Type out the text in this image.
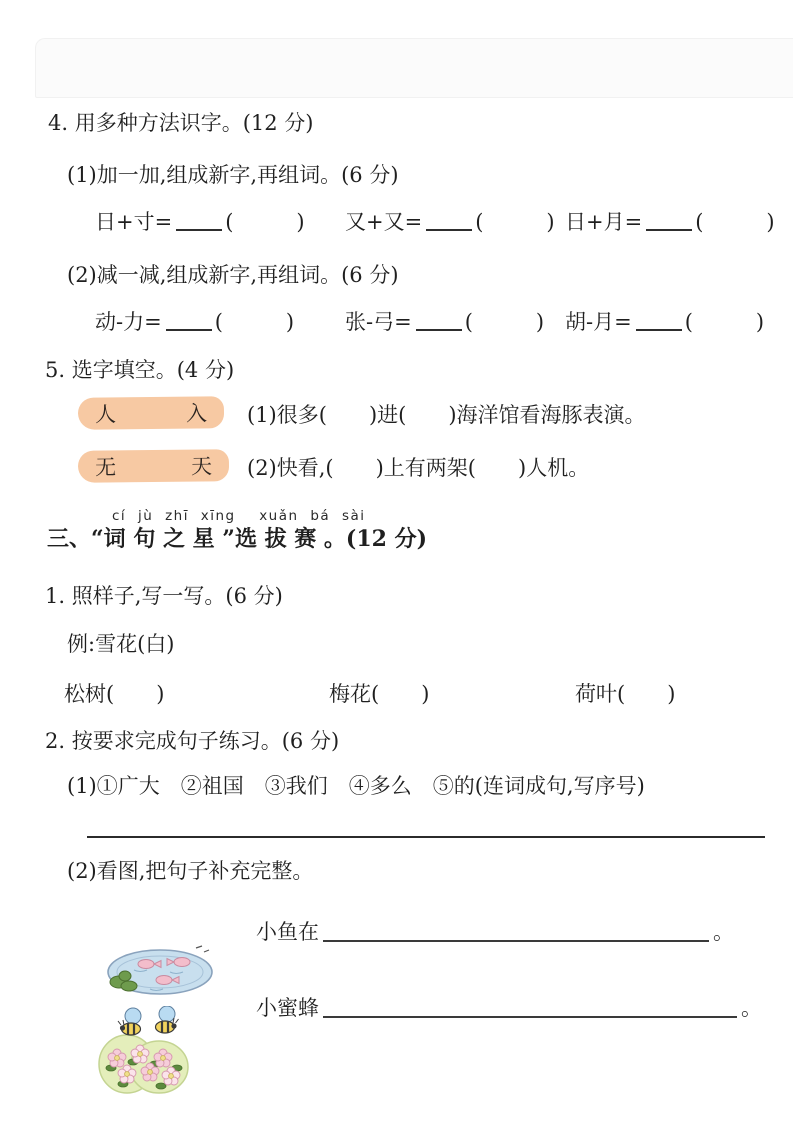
4. 用多种方法识字。(12 分)
(1)加一加,组成新字,再组词。(6 分)
日+寸=	(　　　) 又+又=	(　　　) 日+月=	(　　　)
(2)减一减,组成新字,再组词。(6 分)
动-力=	(　　　) 张-弓=	(　　　) 胡-月=	(　　　)
5. 选字填空。(4 分)
人	入 (1)很多(　　)进(　　)海洋馆看海豚表演。
无	天 (2)快看,(　　)上有两架(　　)人机。
cí jù zhī xīng  xuǎn bá sài
三、“词 句 之 星 ”选 拔 赛 。(12 分)
1. 照样子,写一写。(6 分)
例:雪花(白)
松树(　　)	梅花(　　)	荷叶(　　)
2. 按要求完成句子练习。(6 分)
(1)①广大　②祖国　③我们　④多么　⑤的(连词成句,写序号)
(2)看图,把句子补充完整。

小鱼在	。

小蜜蜂	。
